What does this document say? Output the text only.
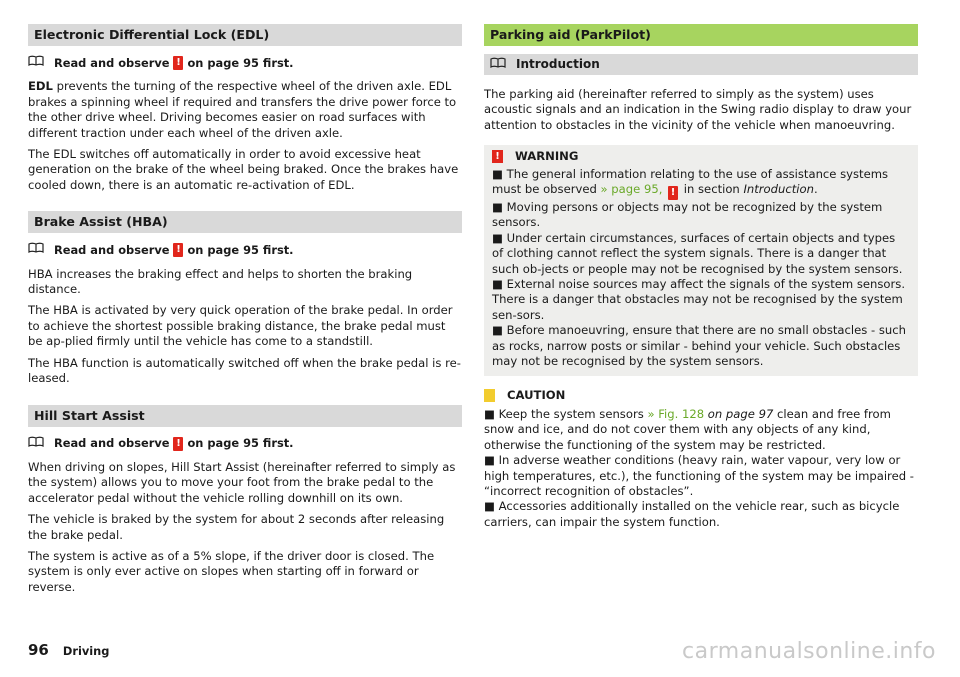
Electronic Differential Lock (EDL)
Read and observe ! on page 95 first.

EDL prevents the turning of the respective wheel of the driven axle. EDL brakes a spinning wheel if required and transfers the drive power force to the other drive wheel. Driving becomes easier on road surfaces with different traction under each wheel of the driven axle.

The EDL switches off automatically in order to avoid excessive heat generation on the brake of the wheel being braked. Once the brakes have cooled down, there is an automatic re-activation of EDL.

Brake Assist (HBA)
Read and observe ! on page 95 first.

HBA increases the braking effect and helps to shorten the braking distance.

The HBA is activated by very quick operation of the brake pedal. In order to achieve the shortest possible braking distance, the brake pedal must be ap-plied firmly until the vehicle has come to a standstill.

The HBA function is automatically switched off when the brake pedal is re-leased.

Hill Start Assist
Read and observe ! on page 95 first.

When driving on slopes, Hill Start Assist (hereinafter referred to simply as the system) allows you to move your foot from the brake pedal to the accelerator pedal without the vehicle rolling downhill on its own.

The vehicle is braked by the system for about 2 seconds after releasing the brake pedal.

The system is active as of a 5% slope, if the driver door is closed. The system is only ever active on slopes when starting off in forward or reverse.

Parking aid (ParkPilot)
Introduction

The parking aid (hereinafter referred to simply as the system) uses acoustic signals and an indication in the Swing radio display to draw your attention to obstacles in the vicinity of the vehicle when manoeuvring.

! WARNING

■ The general information relating to the use of assistance systems must be observed » page 95, ! in section Introduction.

■ Moving persons or objects may not be recognized by the system sensors.

■ Under certain circumstances, surfaces of certain objects and types of clothing cannot reflect the system signals. There is a danger that such ob-jects or people may not be recognised by the system sensors.

■ External noise sources may affect the signals of the system sensors. There is a danger that obstacles may not be recognised by the system sen-sors.

■ Before manoeuvring, ensure that there are no small obstacles - such as rocks, narrow posts or similar - behind your vehicle. Such obstacles may not be recognised by the system sensors.

CAUTION

■ Keep the system sensors » Fig. 128 on page 97 clean and free from snow and ice, and do not cover them with any objects of any kind, otherwise the functioning of the system may be restricted.

■ In adverse weather conditions (heavy rain, water vapour, very low or high temperatures, etc.), the functioning of the system may be impaired - “incorrect recognition of obstacles”.

■ Accessories additionally installed on the vehicle rear, such as bicycle carriers, can impair the system function.

96 Driving	carmanualsonline.info
